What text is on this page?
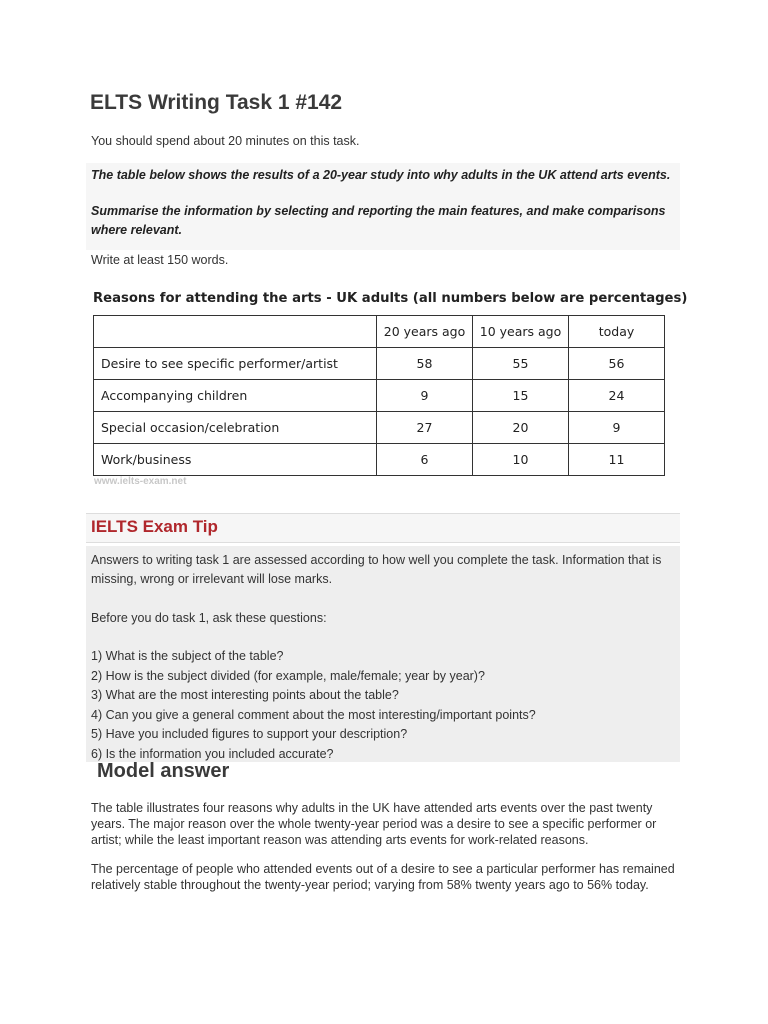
ELTS Writing Task 1 #142
You should spend about 20 minutes on this task.
The table below shows the results of a 20-year study into why adults in the UK attend arts events.
Summarise the information by selecting and reporting the main features, and make comparisons where relevant.
Write at least 150 words.
Reasons for attending the arts - UK adults (all numbers below are percentages)
	20 years ago	10 years ago	today
Desire to see specific performer/artist	58	55	56
Accompanying children	9	15	24
Special occasion/celebration	27	20	9
Work/business	6	10	11
www.ielts-exam.net
IELTS Exam Tip
Answers to writing task 1 are assessed according to how well you complete the task. Information that is missing, wrong or irrelevant will lose marks.
Before you do task 1, ask these questions:
1) What is the subject of the table?
2) How is the subject divided (for example, male/female; year by year)?
3) What are the most interesting points about the table?
4) Can you give a general comment about the most interesting/important points?
5) Have you included figures to support your description?
6) Is the information you included accurate?
Model answer
The table illustrates four reasons why adults in the UK have attended arts events over the past twenty years. The major reason over the whole twenty-year period was a desire to see a specific performer or artist; while the least important reason was attending arts events for work-related reasons.
The percentage of people who attended events out of a desire to see a particular performer has remained relatively stable throughout the twenty-year period; varying from 58% twenty years ago to 56% today.
